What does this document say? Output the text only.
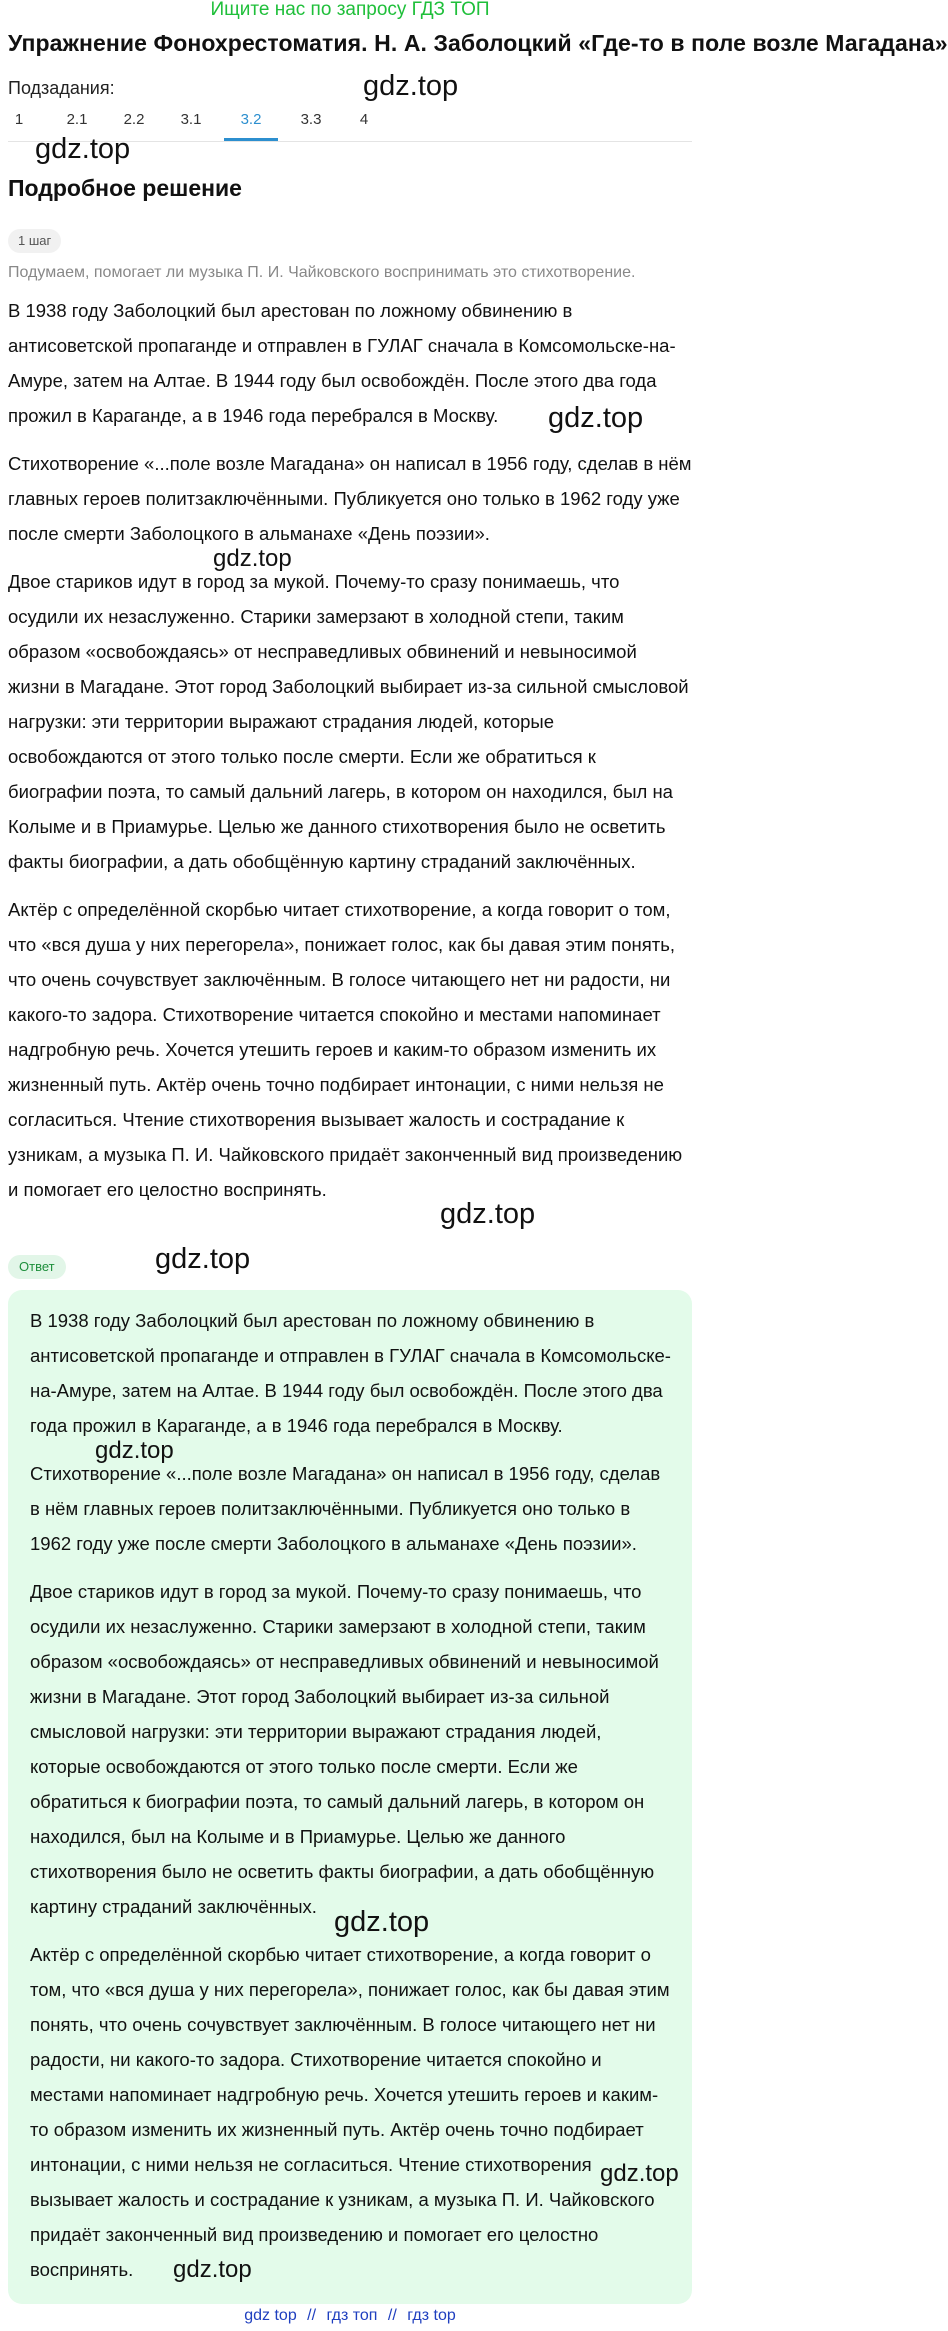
Ищите нас по запросу ГДЗ ТОП
Упражнение Фонохрестоматия. Н. А. Заболоцкий «Где-то в поле возле Магадана»
Подзадания:
1	2.1	2.2	3.1	3.2	3.3	4
Подробное решение
1 шаг
Подумаем, помогает ли музыка П. И. Чайковского воспринимать это стихотворение.

В 1938 году Заболоцкий был арестован по ложному обвинению в антисоветской пропаганде и отправлен в ГУЛАГ сначала в Комсомольске-на-Амуре, затем на Алтае. В 1944 году был освобождён. После этого два года прожил в Караганде, а в 1946 года перебрался в Москву.

Стихотворение «...поле возле Магадана» он написал в 1956 году, сделав в нём главных героев политзаключёнными. Публикуется оно только в 1962 году уже после смерти Заболоцкого в альманахе «День поэзии».

Двое стариков идут в город за мукой. Почему-то сразу понимаешь, что осудили их незаслуженно. Старики замерзают в холодной степи, таким образом «освобождаясь» от несправедливых обвинений и невыносимой жизни в Магадане. Этот город Заболоцкий выбирает из-за сильной смысловой нагрузки: эти территории выражают страдания людей, которые освобождаются от этого только после смерти. Если же обратиться к биографии поэта, то самый дальний лагерь, в котором он находился, был на Колыме и в Приамурье. Целью же данного стихотворения было не осветить факты биографии, а дать обобщённую картину страданий заключённых.

Актёр с определённой скорбью читает стихотворение, а когда говорит о том, что «вся душа у них перегорела», понижает голос, как бы давая этим понять, что очень сочувствует заключённым. В голосе читающего нет ни радости, ни какого-то задора. Стихотворение читается спокойно и местами напоминает надгробную речь. Хочется утешить героев и каким-то образом изменить их жизненный путь. Актёр очень точно подбирает интонации, с ними нельзя не согласиться. Чтение стихотворения вызывает жалость и сострадание к узникам, а музыка П. И. Чайковского придаёт законченный вид произведению и помогает его целостно воспринять.

Ответ

В 1938 году Заболоцкий был арестован по ложному обвинению в антисоветской пропаганде и отправлен в ГУЛАГ сначала в Комсомольске-на-Амуре, затем на Алтае. В 1944 году был освобождён. После этого два года прожил в Караганде, а в 1946 года перебрался в Москву.

Стихотворение «...поле возле Магадана» он написал в 1956 году, сделав в нём главных героев политзаключёнными. Публикуется оно только в 1962 году уже после смерти Заболоцкого в альманахе «День поэзии».

Двое стариков идут в город за мукой. Почему-то сразу понимаешь, что осудили их незаслуженно. Старики замерзают в холодной степи, таким образом «освобождаясь» от несправедливых обвинений и невыносимой жизни в Магадане. Этот город Заболоцкий выбирает из-за сильной смысловой нагрузки: эти территории выражают страдания людей, которые освобождаются от этого только после смерти. Если же обратиться к биографии поэта, то самый дальний лагерь, в котором он находился, был на Колыме и в Приамурье. Целью же данного стихотворения было не осветить факты биографии, а дать обобщённую картину страданий заключённых.

Актёр с определённой скорбью читает стихотворение, а когда говорит о том, что «вся душа у них перегорела», понижает голос, как бы давая этим понять, что очень сочувствует заключённым. В голосе читающего нет ни радости, ни какого-то задора. Стихотворение читается спокойно и местами напоминает надгробную речь. Хочется утешить героев и каким-то образом изменить их жизненный путь. Актёр очень точно подбирает интонации, с ними нельзя не согласиться. Чтение стихотворения вызывает жалость и сострадание к узникам, а музыка П. И. Чайковского придаёт законченный вид произведению и помогает его целостно воспринять.

gdz.top
gdz.top
gdz.top
gdz.top
gdz.top
gdz.top
gdz.top
gdz.top
gdz.top
gdz.top
gdz top // гдз топ // гдз top
